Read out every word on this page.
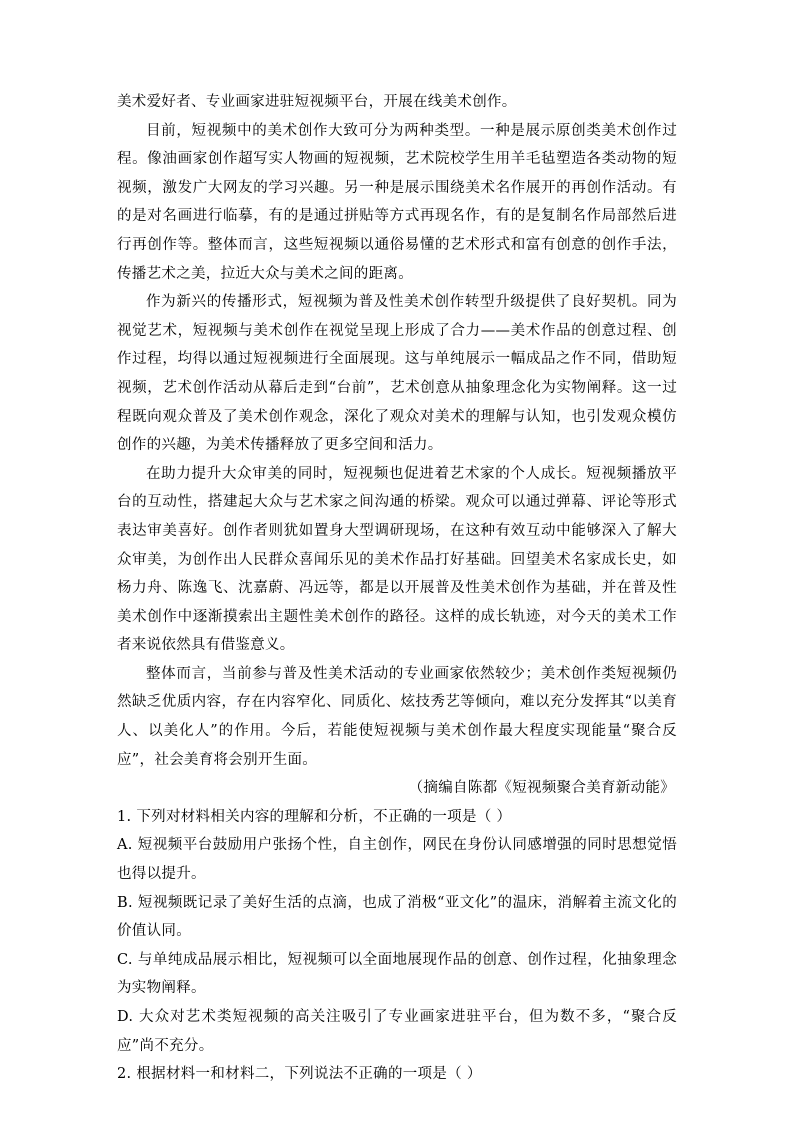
美术爱好者、专业画家进驻短视频平台，开展在线美术创作。

目前，短视频中的美术创作大致可分为两种类型。一种是展示原创类美术创作过程。像油画家创作超写实人物画的短视频，艺术院校学生用羊毛毡塑造各类动物的短视频，激发广大网友的学习兴趣。另一种是展示围绕美术名作展开的再创作活动。有的是对名画进行临摹，有的是通过拼贴等方式再现名作，有的是复制名作局部然后进行再创作等。整体而言，这些短视频以通俗易懂的艺术形式和富有创意的创作手法，传播艺术之美，拉近大众与美术之间的距离。

作为新兴的传播形式，短视频为普及性美术创作转型升级提供了良好契机。同为视觉艺术，短视频与美术创作在视觉呈现上形成了合力——美术作品的创意过程、创作过程，均得以通过短视频进行全面展现。这与单纯展示一幅成品之作不同，借助短视频，艺术创作活动从幕后走到“台前”，艺术创意从抽象理念化为实物阐释。这一过程既向观众普及了美术创作观念，深化了观众对美术的理解与认知，也引发观众模仿创作的兴趣，为美术传播释放了更多空间和活力。

在助力提升大众审美的同时，短视频也促进着艺术家的个人成长。短视频播放平台的互动性，搭建起大众与艺术家之间沟通的桥梁。观众可以通过弹幕、评论等形式表达审美喜好。创作者则犹如置身大型调研现场，在这种有效互动中能够深入了解大众审美，为创作出人民群众喜闻乐见的美术作品打好基础。回望美术名家成长史，如杨力舟、陈逸飞、沈嘉蔚、冯远等，都是以开展普及性美术创作为基础，并在普及性美术创作中逐渐摸索出主题性美术创作的路径。这样的成长轨迹，对今天的美术工作者来说依然具有借鉴意义。

整体而言，当前参与普及性美术活动的专业画家依然较少；美术创作类短视频仍然缺乏优质内容，存在内容窄化、同质化、炫技秀艺等倾向，难以充分发挥其“以美育人、以美化人”的作用。今后，若能使短视频与美术创作最大程度实现能量“聚合反应”，社会美育将会别开生面。

（摘编自陈都《短视频聚合美育新动能》

1. 下列对材料相关内容的理解和分析，不正确的一项是（ ）

A. 短视频平台鼓励用户张扬个性，自主创作，网民在身份认同感增强的同时思想觉悟也得以提升。

B. 短视频既记录了美好生活的点滴，也成了消极“亚文化”的温床，消解着主流文化的价值认同。

C. 与单纯成品展示相比，短视频可以全面地展现作品的创意、创作过程，化抽象理念为实物阐释。

D. 大众对艺术类短视频的高关注吸引了专业画家进驻平台，但为数不多，“聚合反应”尚不充分。

2. 根据材料一和材料二，下列说法不正确的一项是（ ）
